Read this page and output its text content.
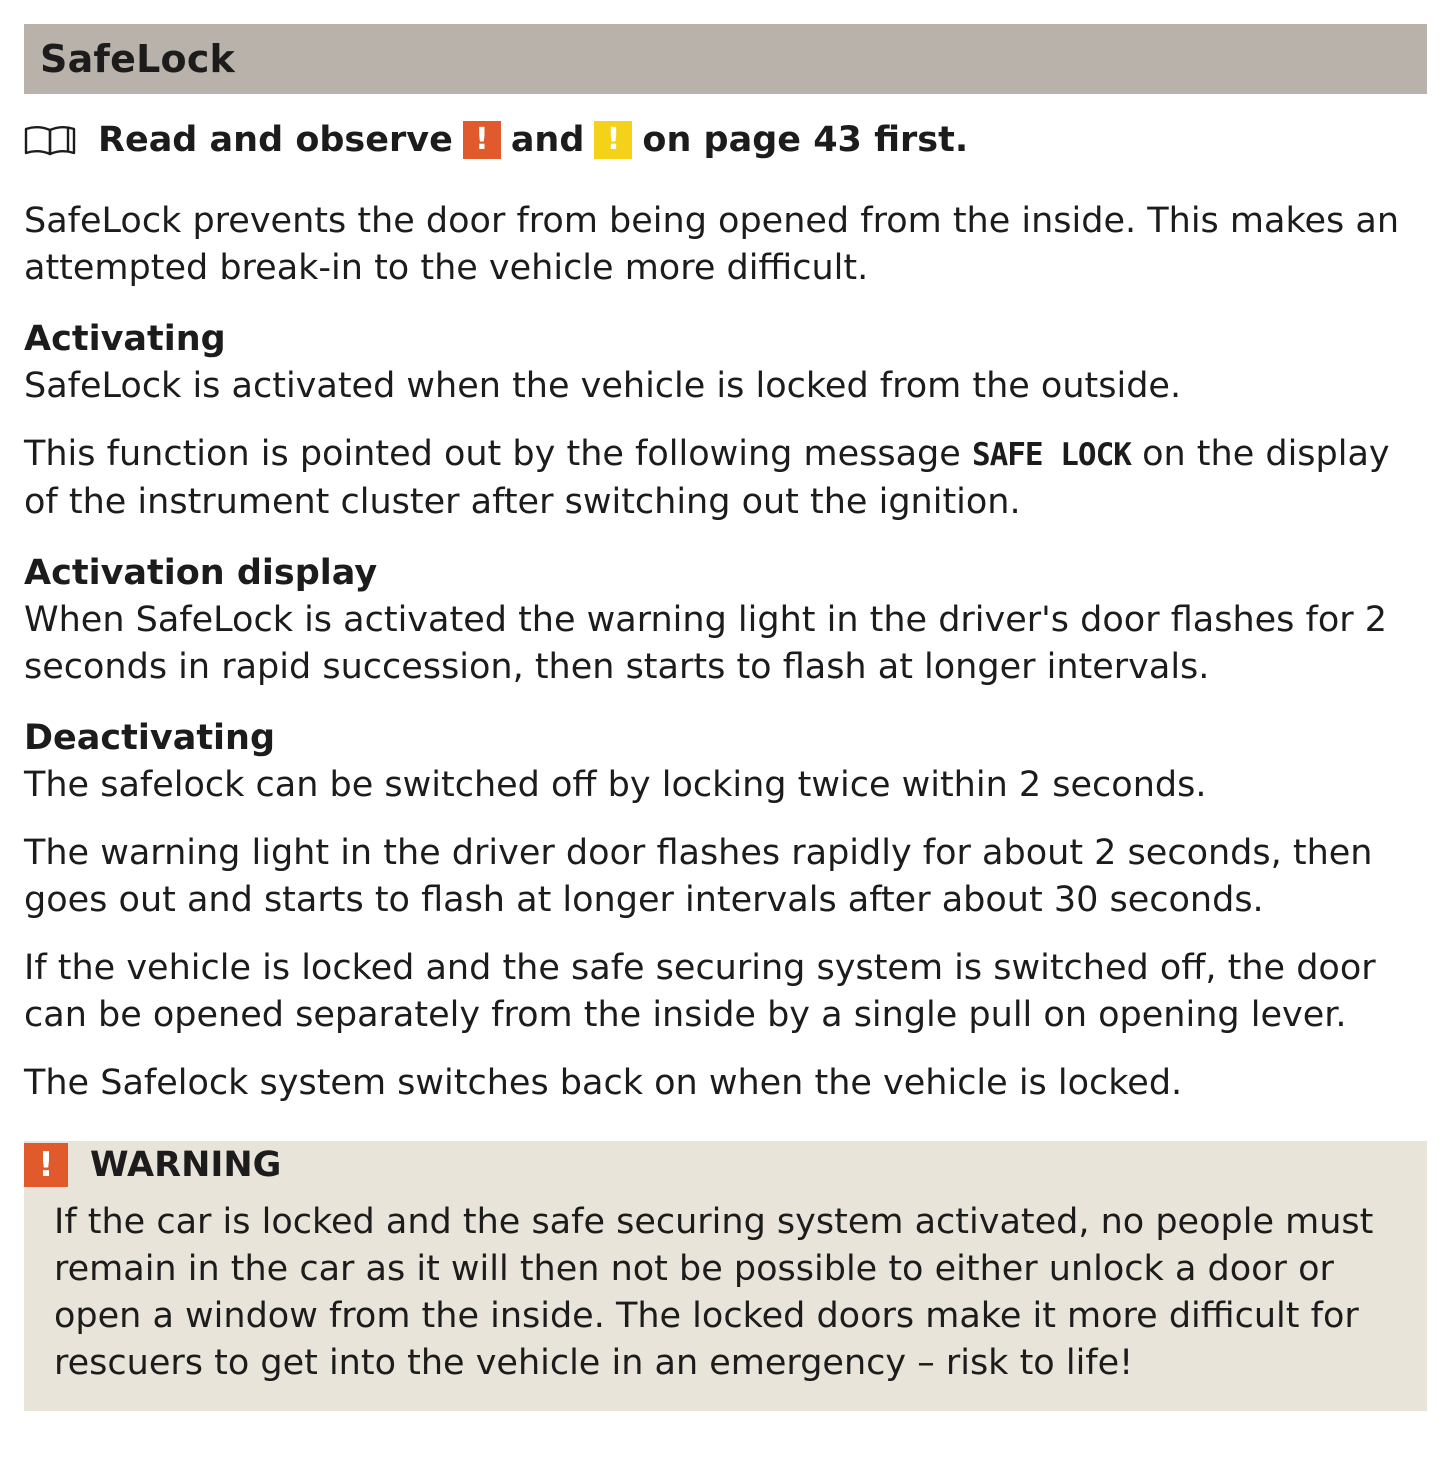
SafeLock
Read and observe ! and ! on page 43 first.

SafeLock prevents the door from being opened from the inside. This makes an attempted break-in to the vehicle more difficult.

Activating

SafeLock is activated when the vehicle is locked from the outside.

This function is pointed out by the following message SAFE LOCK on the display of the instrument cluster after switching out the ignition.

Activation display

When SafeLock is activated the warning light in the driver's door flashes for 2 seconds in rapid succession, then starts to flash at longer intervals.

Deactivating

The safelock can be switched off by locking twice within 2 seconds.

The warning light in the driver door flashes rapidly for about 2 seconds, then goes out and starts to flash at longer intervals after about 30 seconds.

If the vehicle is locked and the safe securing system is switched off, the door can be opened separately from the inside by a single pull on opening lever.

The Safelock system switches back on when the vehicle is locked.

!	WARNING

If the car is locked and the safe securing system activated, no people must remain in the car as it will then not be possible to either unlock a door or open a window from the inside. The locked doors make it more difficult for rescuers to get into the vehicle in an emergency – risk to life!
